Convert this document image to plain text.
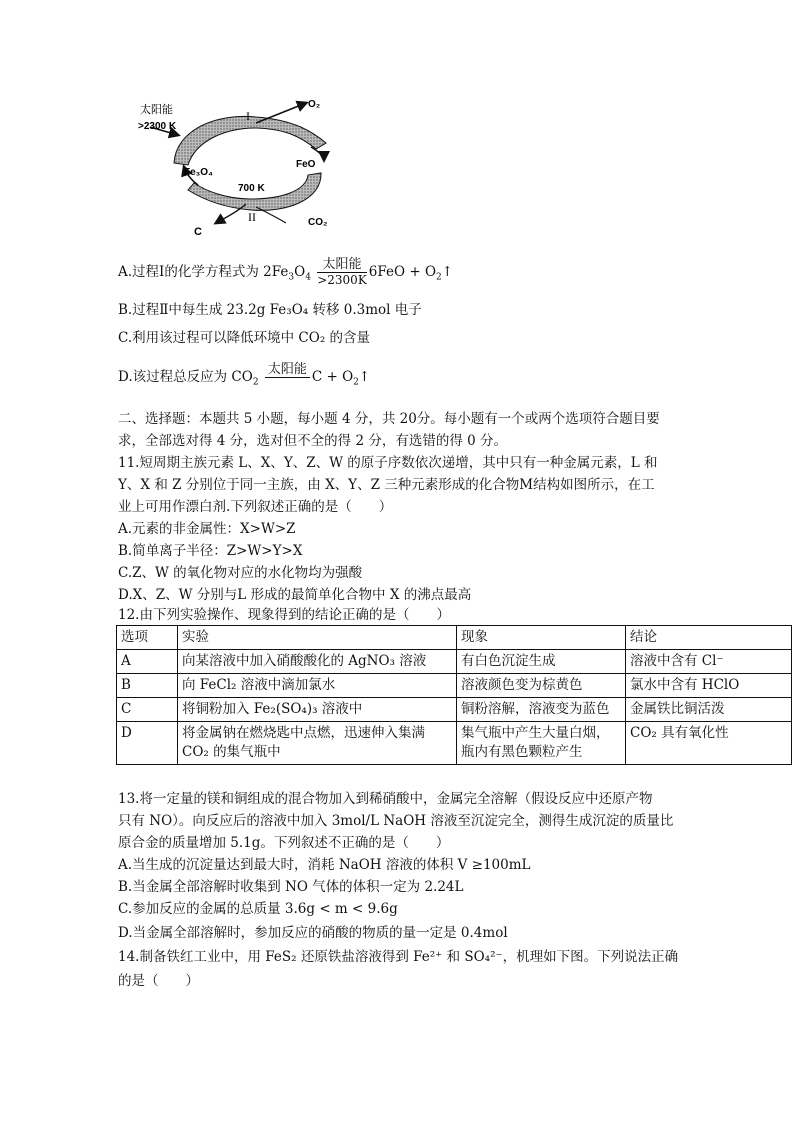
太阳能
>2300 K
I
O₂
FeO
Fe₃O₄
700 K
II
C
CO₂
A.过程Ⅰ的化学方程式为 $2Fe_3O_4 \frac{\text{太阳能}}{>2300K} 6FeO$ + $O_2↑$
B.过程Ⅱ中每生成 23.2g Fe₃O₄ 转移 0.3mol 电子
C.利用该过程可以降低环境中 CO₂ 的含量
D.该过程总反应为 $CO_2$
太阳能
$C + O_2↑$
二、选择题：本题共 5 小题，每小题 4 分，共 20分。每小题有一个或两个选项符合题目要
求，全部选对得 4 分，选对但不全的得 2 分，有选错的得 0 分。
11.短周期主族元素 L、X、Y、Z、W 的原子序数依次递增，其中只有一种金属元素，L 和
Y、X 和 Z 分别位于同一主族，由 X、Y、Z 三种元素形成的化合物M结构如图所示，在工
业上可用作漂白剂.下列叙述正确的是（　　）
A.元素的非金属性：X>W>Z
B.简单离子半径：Z>W>Y>X
C.Z、W 的氧化物对应的水化物均为强酸
D.X、Z、W 分别与L 形成的最简单化合物中 X 的沸点最高
12.由下列实验操作、现象得到的结论正确的是（　　）
选项	实验	现象	结论
A	向某溶液中加入硝酸酸化的 AgNO₃ 溶液	有白色沉淀生成	溶液中含有 Cl⁻
B	向 FeCl₂ 溶液中滴加氯水	溶液颜色变为棕黄色	氯水中含有 HClO
C	将铜粉加入 Fe₂(SO₄)₃ 溶液中	铜粉溶解，溶液变为蓝色	金属铁比铜活泼
D	将金属钠在燃烧匙中点燃，迅速伸入集满 CO₂ 的集气瓶中	集气瓶中产生大量白烟，瓶内有黑色颗粒产生	CO₂ 具有氧化性
13.将一定量的镁和铜组成的混合物加入到稀硝酸中，金属完全溶解（假设反应中还原产物
只有 NO）。向反应后的溶液中加入 3mol/L NaOH 溶液至沉淀完全，测得生成沉淀的质量比
原合金的质量增加 5.1g。下列叙述不正确的是（　　）
A.当生成的沉淀量达到最大时，消耗 NaOH 溶液的体积 V ≥100mL
B.当金属全部溶解时收集到 NO 气体的体积一定为 2.24L
C.参加反应的金属的总质量 3.6g < m < 9.6g
D.当金属全部溶解时，参加反应的硝酸的物质的量一定是 0.4mol
14.制备铁红工业中，用 FeS₂ 还原铁盐溶液得到 Fe²⁺ 和 SO₄²⁻，机理如下图。下列说法正确
的是（　　）
